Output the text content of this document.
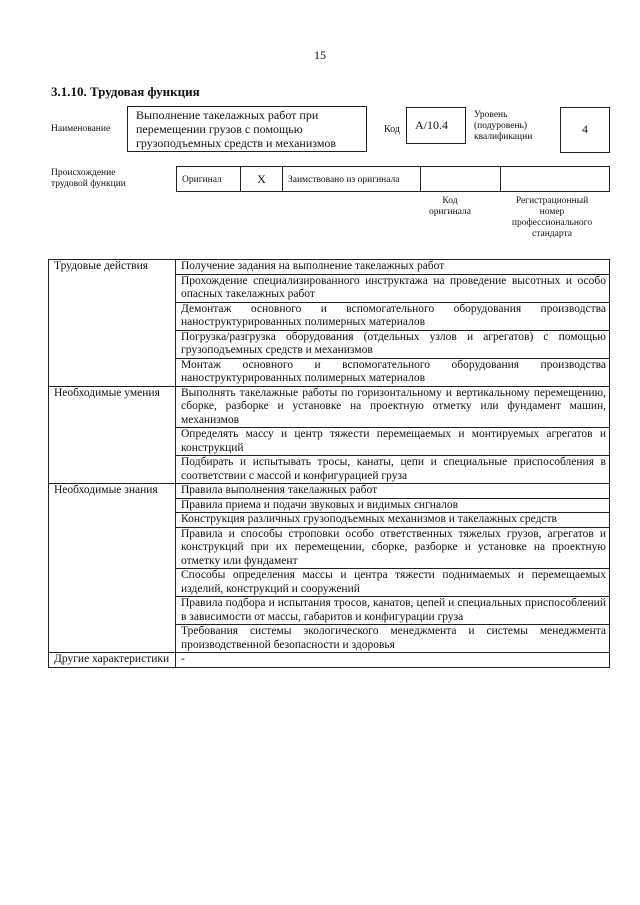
15
3.1.10. Трудовая функция
Наименование
Выполнение такелажных работ при перемещении грузов с помощью грузоподъемных средств и механизмов
Код	A/10.4
Уровень
(подуровень)
квалификации
4
Происхождение
трудовой функции	Оригинал	X	Заимствовано из оригинала
Код
оригинала
Регистрационный
номер
профессионального
стандарта
Трудовые действия	Получение задания на выполнение такелажных работ
	Прохождение специализированного инструктажа на проведение высотных и особо опасных такелажных работ
	Демонтаж основного и вспомогательного оборудования производства наноструктурированных полимерных материалов
	Погрузка/разгрузка оборудования (отдельных узлов и агрегатов) с помощью грузоподъемных средств и механизмов
	Монтаж основного и вспомогательного оборудования производства наноструктурированных полимерных материалов
Необходимые умения	Выполнять такелажные работы по горизонтальному и вертикальному перемещению, сборке, разборке и установке на проектную отметку или фундамент машин, механизмов
	Определять массу и центр тяжести перемещаемых и монтируемых агрегатов и конструкций
	Подбирать и испытывать тросы, канаты, цепи и специальные приспособления в соответствии с массой и конфигурацией груза
Необходимые знания	Правила выполнения такелажных работ
	Правила приема и подачи звуковых и видимых сигналов
	Конструкция различных грузоподъемных механизмов и такелажных средств
	Правила и способы строповки особо ответственных тяжелых грузов, агрегатов и конструкций при их перемещении, сборке, разборке и установке на проектную отметку или фундамент
	Способы определения массы и центра тяжести поднимаемых и перемещаемых изделий, конструкций и сооружений
	Правила подбора и испытания тросов, канатов, цепей и специальных приспособлений в зависимости от массы, габаритов и конфигурации груза
	Требования системы экологического менеджмента и системы менеджмента производственной безопасности и здоровья
Другие характеристики	-
